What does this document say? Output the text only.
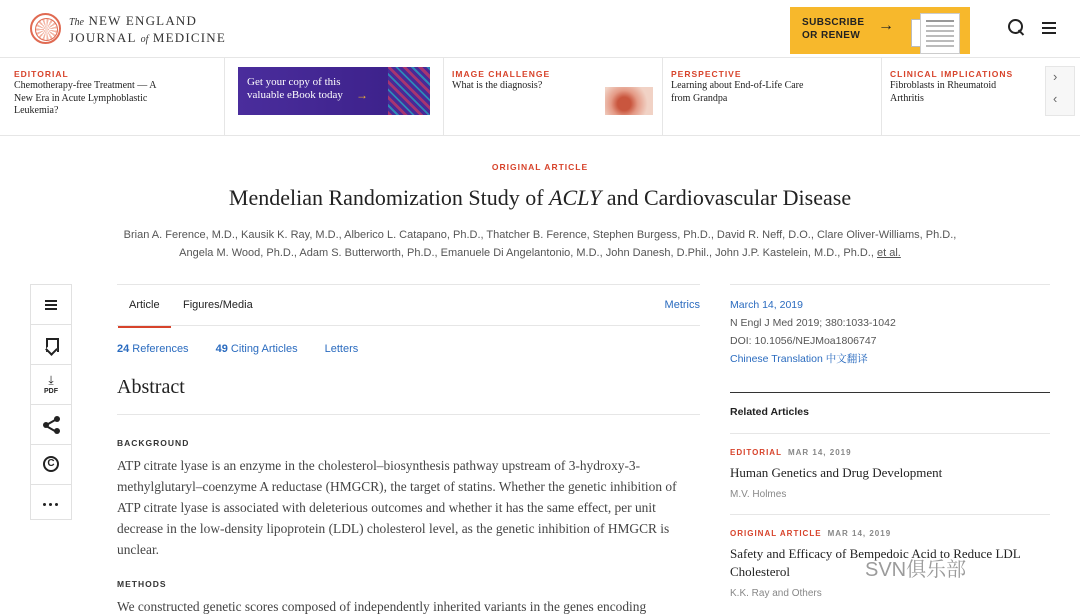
The NEW ENGLAND
JOURNAL of MEDICINE
SUBSCRIBE
OR RENEW
→
EDITORIAL
Chemotherapy-free Treatment — A New Era in Acute Lymphoblastic Leukemia?
Get your copy of this valuable eBook today	→
IMAGE CHALLENGE
What is the diagnosis?
PERSPECTIVE
Learning about End-of-Life Care from Grandpa
CLINICAL IMPLICATIONS
Fibroblasts in Rheumatoid Arthritis
›
‹
ORIGINAL ARTICLE
Mendelian Randomization Study of ACLY and Cardiovascular Disease
Brian A. Ference, M.D., Kausik K. Ray, M.D., Alberico L. Catapano, Ph.D., Thatcher B. Ference, Stephen Burgess, Ph.D., David R. Neff, D.O., Clare Oliver-Williams, Ph.D.,
Angela M. Wood, Ph.D., Adam S. Butterworth, Ph.D., Emanuele Di Angelantonio, M.D., John Danesh, D.Phil., John J.P. Kastelein, M.D., Ph.D., et al.
⤓
PDF
C
Article Figures/Media	Metrics
24 References 49 Citing Articles Letters
Abstract
BACKGROUND
ATP citrate lyase is an enzyme in the cholesterol–biosynthesis pathway upstream of 3-hydroxy-3-methylglutaryl–coenzyme A reductase (HMGCR), the target of statins. Whether the genetic inhibition of ATP citrate lyase is associated with deleterious outcomes and whether it has the same effect, per unit decrease in the low-density lipoprotein (LDL) cholesterol level, as the genetic inhibition of HMGCR is unclear.
METHODS
We constructed genetic scores composed of independently inherited variants in the genes encoding
March 14, 2019
N Engl J Med 2019; 380:1033-1042
DOI: 10.1056/NEJMoa1806747
Chinese Translation 中文翻译
Related Articles
EDITORIAL MAR 14, 2019
Human Genetics and Drug Development
M.V. Holmes
ORIGINAL ARTICLE MAR 14, 2019
Safety and Efficacy of Bempedoic Acid to Reduce LDL Cholesterol
K.K. Ray and Others
SVN俱乐部
